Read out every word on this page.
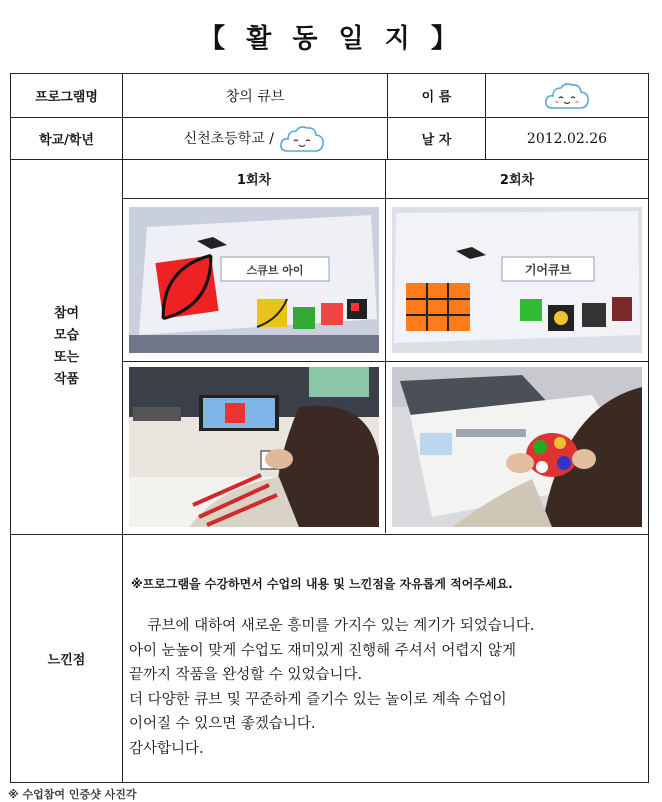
【 활 동 일 지 】
프로그램명	창의 큐브	이 름	
학교/학년	신천초등학교 /	날 자	2012.02.26
참여
모습
또는
작품	
1회차	2회차

스큐브 아이	기어큐브

느낀점	
※프로그램을 수강하면서 수업의 내용 및 느낀점을 자유롭게 적어주세요.

큐브에 대하여 새로운 흥미를 가지수 있는 계기가 되었습니다.

아이 눈높이 맞게 수업도 재미있게 진행해 주셔서 어렵지 않게

끝까지 작품을 완성할 수 있었습니다.

더 다양한 큐브 및 꾸준하게 즐기수 있는 놀이로 계속 수업이

이어질 수 있으면 좋겠습니다.

감사합니다.

※ 수업참여 인증샷 사진각
